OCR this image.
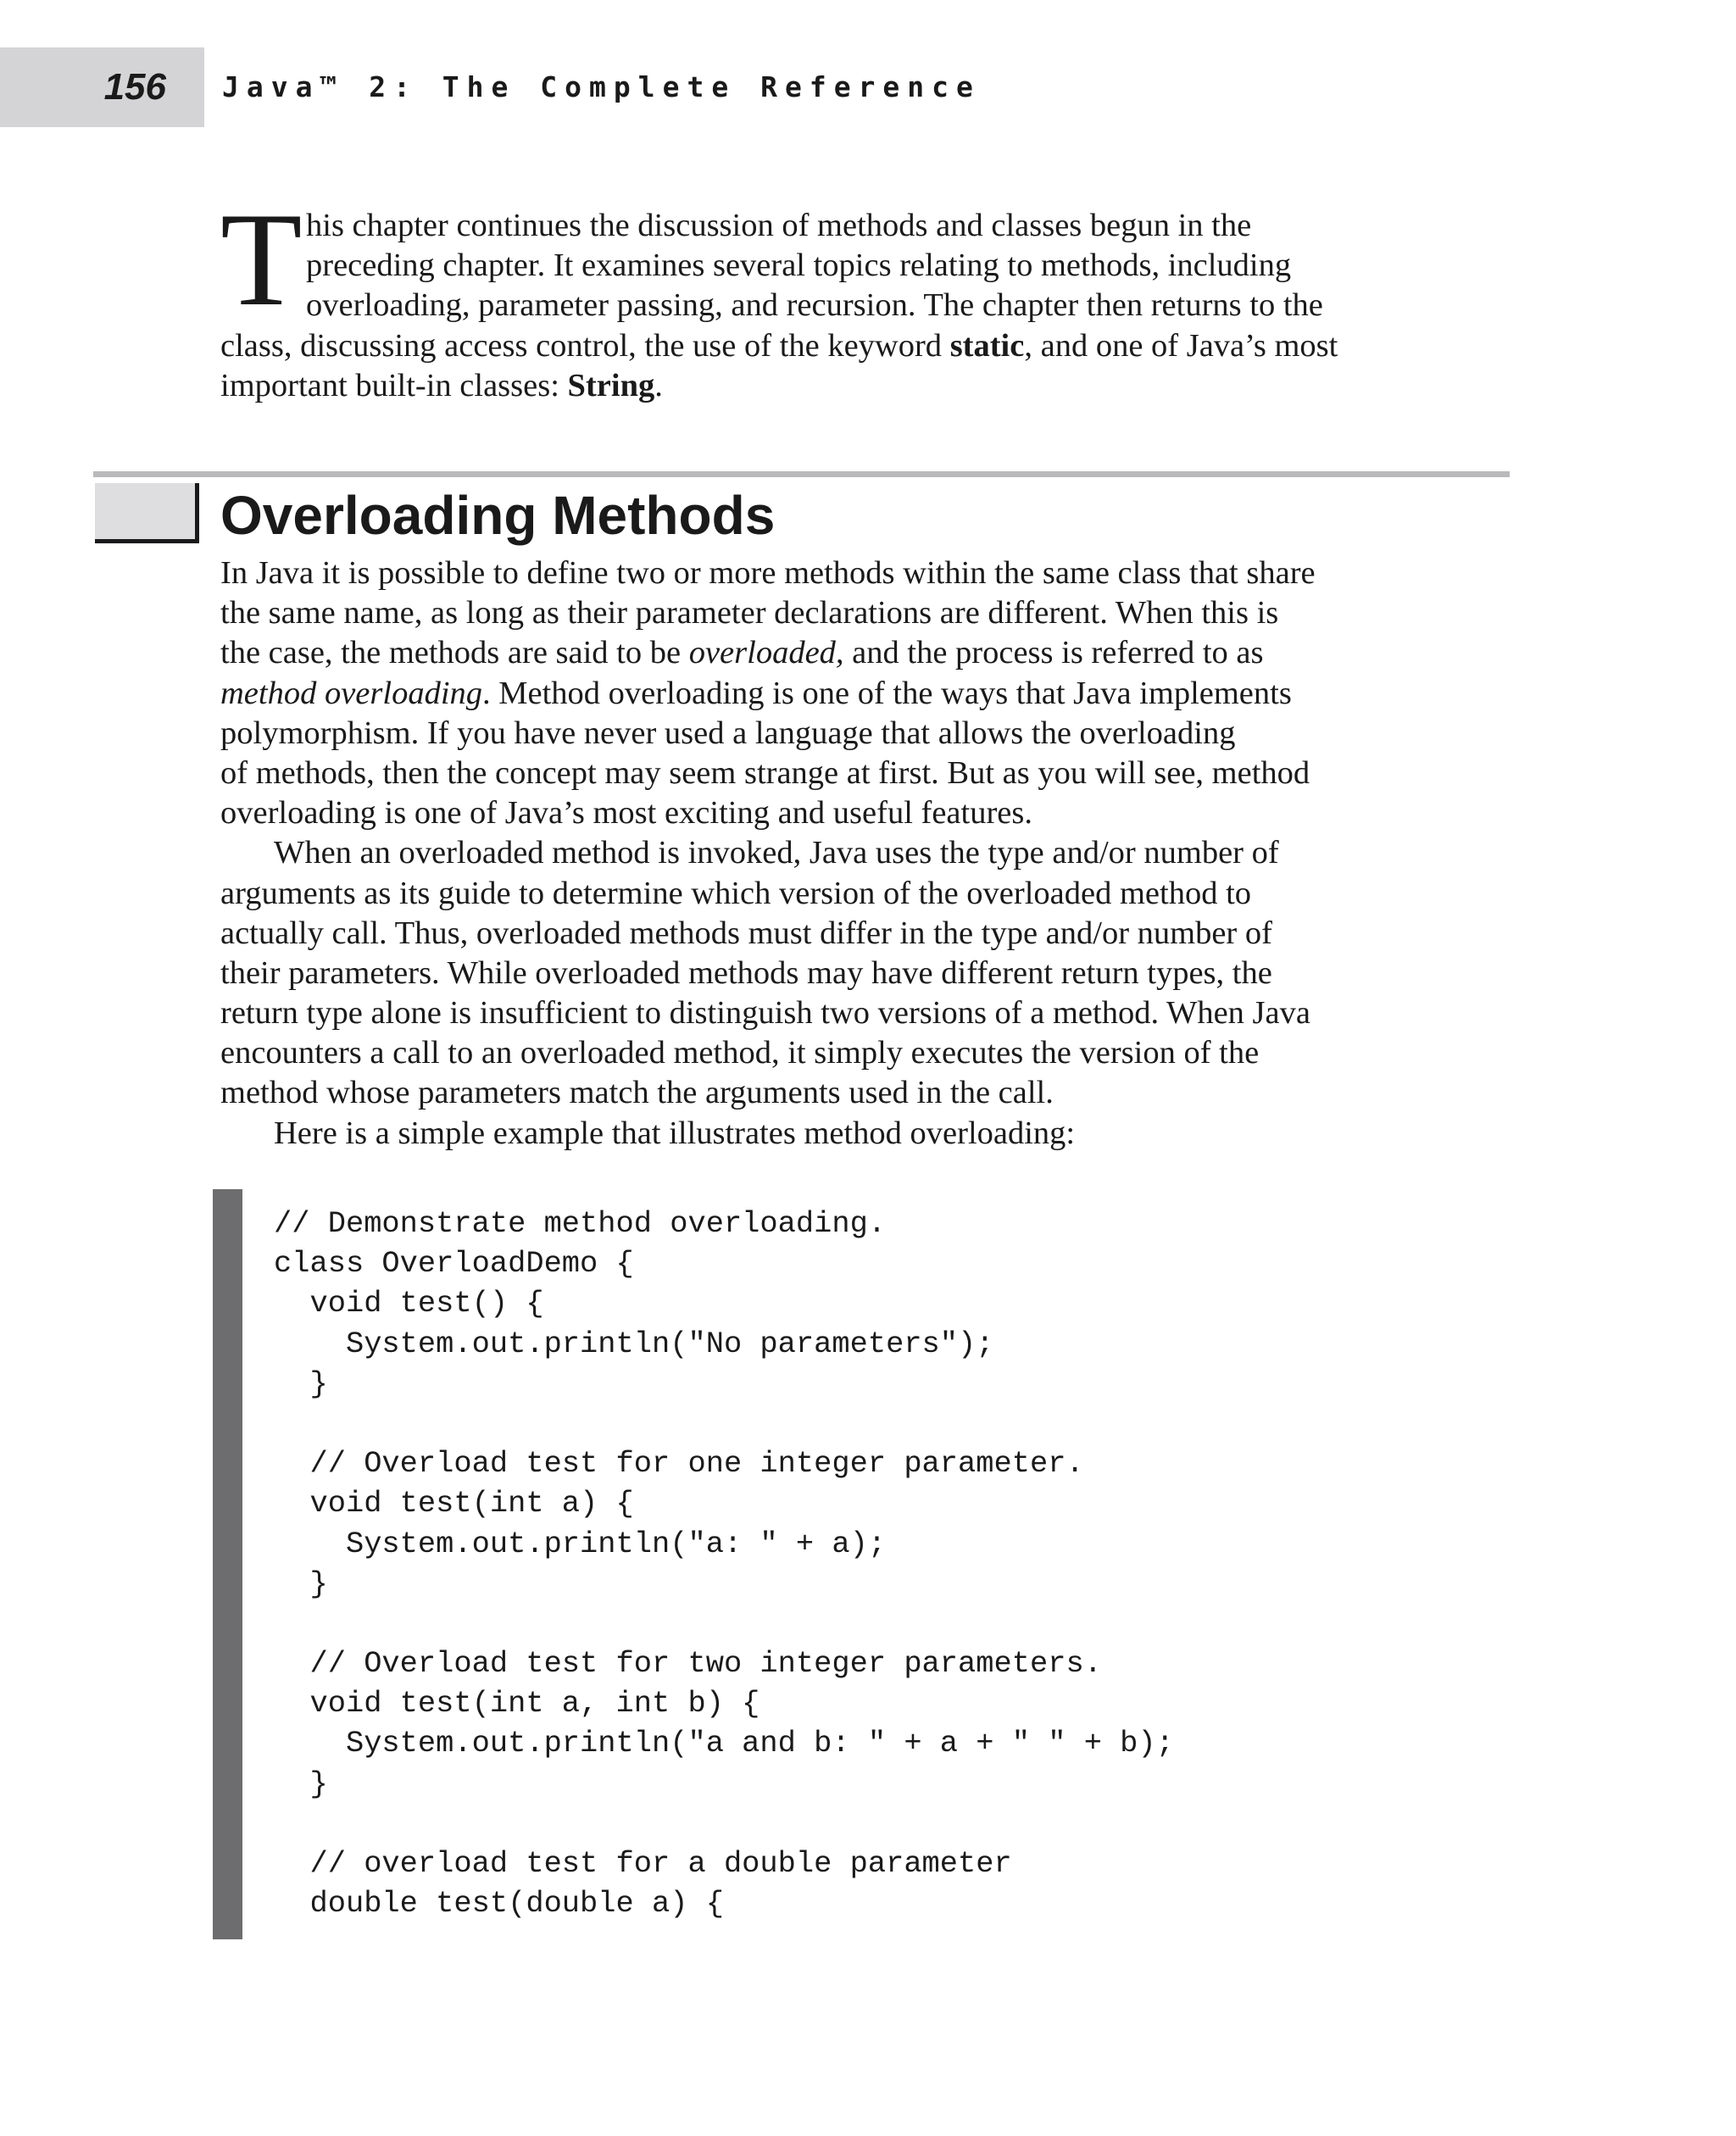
156 Java™ 2: The Complete Reference
T his chapter continues the discussion of methods and classes begun in the
preceding chapter. It examines several topics relating to methods, including
overloading, parameter passing, and recursion. The chapter then returns to the
class, discussing access control, the use of the keyword static, and one of Java’s most
important built-in classes: String.
Overloading Methods
In Java it is possible to define two or more methods within the same class that share
the same name, as long as their parameter declarations are different. When this is
the case, the methods are said to be overloaded, and the process is referred to as
method overloading. Method overloading is one of the ways that Java implements
polymorphism. If you have never used a language that allows the overloading
of methods, then the concept may seem strange at first. But as you will see, method
overloading is one of Java’s most exciting and useful features.
When an overloaded method is invoked, Java uses the type and/or number of
arguments as its guide to determine which version of the overloaded method to
actually call. Thus, overloaded methods must differ in the type and/or number of
their parameters. While overloaded methods may have different return types, the
return type alone is insufficient to distinguish two versions of a method. When Java
encounters a call to an overloaded method, it simply executes the version of the
method whose parameters match the arguments used in the call.
Here is a simple example that illustrates method overloading:
// Demonstrate method overloading.
class OverloadDemo {
void test() {
System.out.println("No parameters");
}
// Overload test for one integer parameter.
void test(int a) {
System.out.println("a: " + a);
}
// Overload test for two integer parameters.
void test(int a, int b) {
System.out.println("a and b: " + a + " " + b);
}
// overload test for a double parameter
double test(double a) {
